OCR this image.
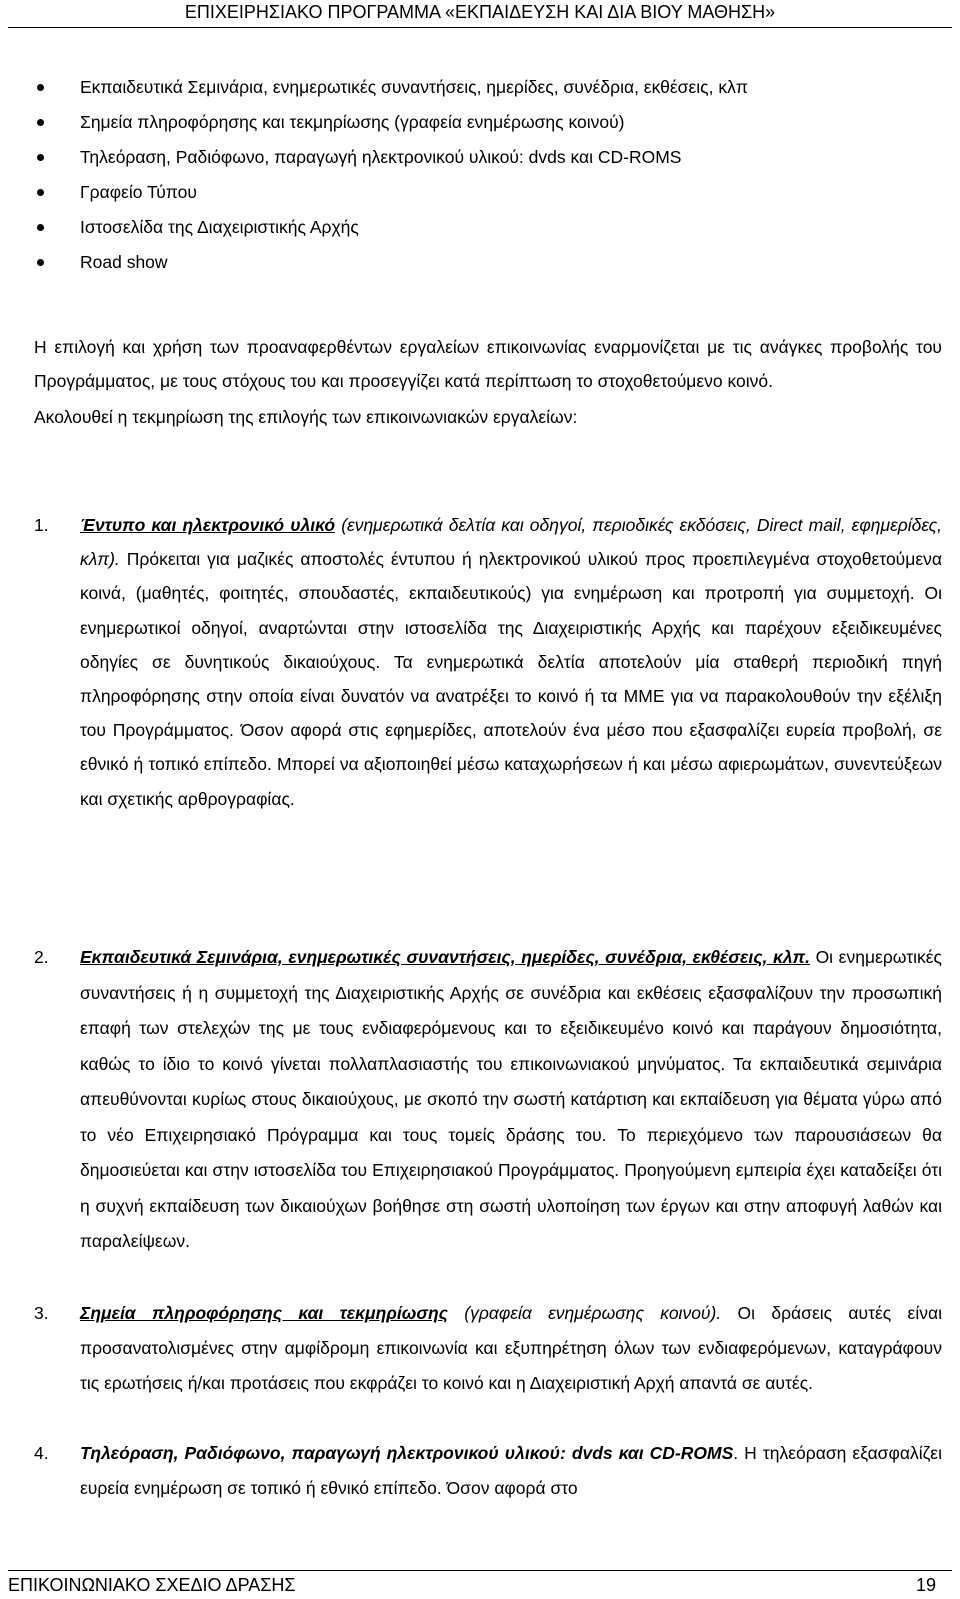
ΕΠΙΧΕΙΡΗΣΙΑΚΟ ΠΡΟΓΡΑΜΜΑ «ΕΚΠΑΙΔΕΥΣΗ ΚΑΙ ΔΙΑ ΒΙΟΥ ΜΑΘΗΣΗ»
Εκπαιδευτικά Σεμινάρια, ενημερωτικές συναντήσεις, ημερίδες, συνέδρια, εκθέσεις, κλπ
Σημεία πληροφόρησης και τεκμηρίωσης (γραφεία ενημέρωσης κοινού)
Τηλεόραση, Ραδιόφωνο, παραγωγή ηλεκτρονικού υλικού: dvds και CD-ROMS
Γραφείο Τύπου
Ιστοσελίδα της Διαχειριστικής Αρχής
Road show

Η επιλογή και χρήση των προαναφερθέντων εργαλείων επικοινωνίας εναρμονίζεται με τις ανάγκες προβολής του Προγράμματος, με τους στόχους του και προσεγγίζει κατά περίπτωση το στοχοθετούμενο κοινό.

Ακολουθεί η τεκμηρίωση της επιλογής των επικοινωνιακών εργαλείων:

1. Έντυπο και ηλεκτρονικό υλικό (ενημερωτικά δελτία και οδηγοί, περιοδικές εκδόσεις, Direct mail, εφημερίδες, κλπ). Πρόκειται για μαζικές αποστολές έντυπου ή ηλεκτρονικού υλικού προς προεπιλεγμένα στοχοθετούμενα κοινά, (μαθητές, φοιτητές, σπουδαστές, εκπαιδευτικούς) για ενημέρωση και προτροπή για συμμετοχή. Οι ενημερωτικοί οδηγοί, αναρτώνται στην ιστοσελίδα της Διαχειριστικής Αρχής και παρέχουν εξειδικευμένες οδηγίες σε δυνητικούς δικαιούχους. Τα ενημερωτικά δελτία αποτελούν μία σταθερή περιοδική πηγή πληροφόρησης στην οποία είναι δυνατόν να ανατρέξει το κοινό ή τα ΜΜΕ για να παρακολουθούν την εξέλιξη του Προγράμματος. Όσον αφορά στις εφημερίδες, αποτελούν ένα μέσο που εξασφαλίζει ευρεία προβολή, σε εθνικό ή τοπικό επίπεδο. Μπορεί να αξιοποιηθεί μέσω καταχωρήσεων ή και μέσω αφιερωμάτων, συνεντεύξεων και σχετικής αρθρογραφίας.
2. Εκπαιδευτικά Σεμινάρια, ενημερωτικές συναντήσεις, ημερίδες, συνέδρια, εκθέσεις, κλπ. Οι ενημερωτικές συναντήσεις ή η συμμετοχή της Διαχειριστικής Αρχής σε συνέδρια και εκθέσεις εξασφαλίζουν την προσωπική επαφή των στελεχών της με τους ενδιαφερόμενους και το εξειδικευμένο κοινό και παράγουν δημοσιότητα, καθώς το ίδιο το κοινό γίνεται πολλαπλασιαστής του επικοινωνιακού μηνύματος. Τα εκπαιδευτικά σεμινάρια απευθύνονται κυρίως στους δικαιούχους, με σκοπό την σωστή κατάρτιση και εκπαίδευση για θέματα γύρω από το νέο Επιχειρησιακό Πρόγραμμα και τους τομείς δράσης του. Το περιεχόμενο των παρουσιάσεων θα δημοσιεύεται και στην ιστοσελίδα του Επιχειρησιακού Προγράμματος. Προηγούμενη εμπειρία έχει καταδείξει ότι η συχνή εκπαίδευση των δικαιούχων βοήθησε στη σωστή υλοποίηση των έργων και στην αποφυγή λαθών και παραλείψεων.
3. Σημεία πληροφόρησης και τεκμηρίωσης (γραφεία ενημέρωσης κοινού). Οι δράσεις αυτές είναι προσανατολισμένες στην αμφίδρομη επικοινωνία και εξυπηρέτηση όλων των ενδιαφερόμενων, καταγράφουν τις ερωτήσεις ή/και προτάσεις που εκφράζει το κοινό και η Διαχειριστική Αρχή απαντά σε αυτές.
4. Τηλεόραση, Ραδιόφωνο, παραγωγή ηλεκτρονικού υλικού: dvds και CD-ROMS. Η τηλεόραση εξασφαλίζει ευρεία ενημέρωση σε τοπικό ή εθνικό επίπεδο. Όσον αφορά στο
ΕΠΙΚΟΙΝΩΝΙΑΚΟ ΣΧΕΔΙΟ ΔΡΑΣΗΣ	19
